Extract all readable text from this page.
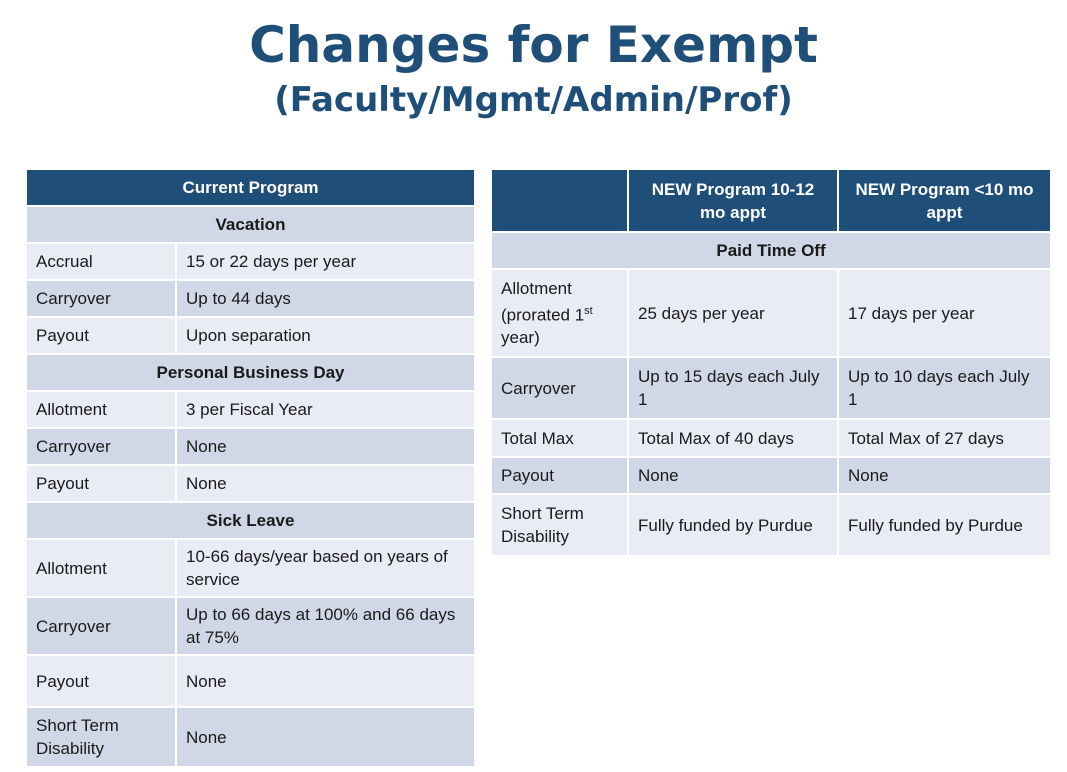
Changes for Exempt
(Faculty/Mgmt/Admin/Prof)
Current Program	
Vacation	
Accrual	15 or 22 days per year
Carryover	Up to 44 days
Payout	Upon separation
Personal Business Day	
Allotment	3 per Fiscal Year
Carryover	None
Payout	None
Sick Leave	
Allotment	10-66 days/year based on years of service
Carryover	Up to 66 days at 100% and 66 days at 75%
Payout	None
Short Term Disability	None
	NEW Program 10-12 mo appt	NEW Program <10 mo appt
Paid Time Off		
Allotment (prorated 1st year)	25 days per year	17 days per year
Carryover	Up to 15 days each July 1	Up to 10 days each July 1
Total Max	Total Max of 40 days	Total Max of 27 days
Payout	None	None
Short Term Disability	Fully funded by Purdue	Fully funded by Purdue
